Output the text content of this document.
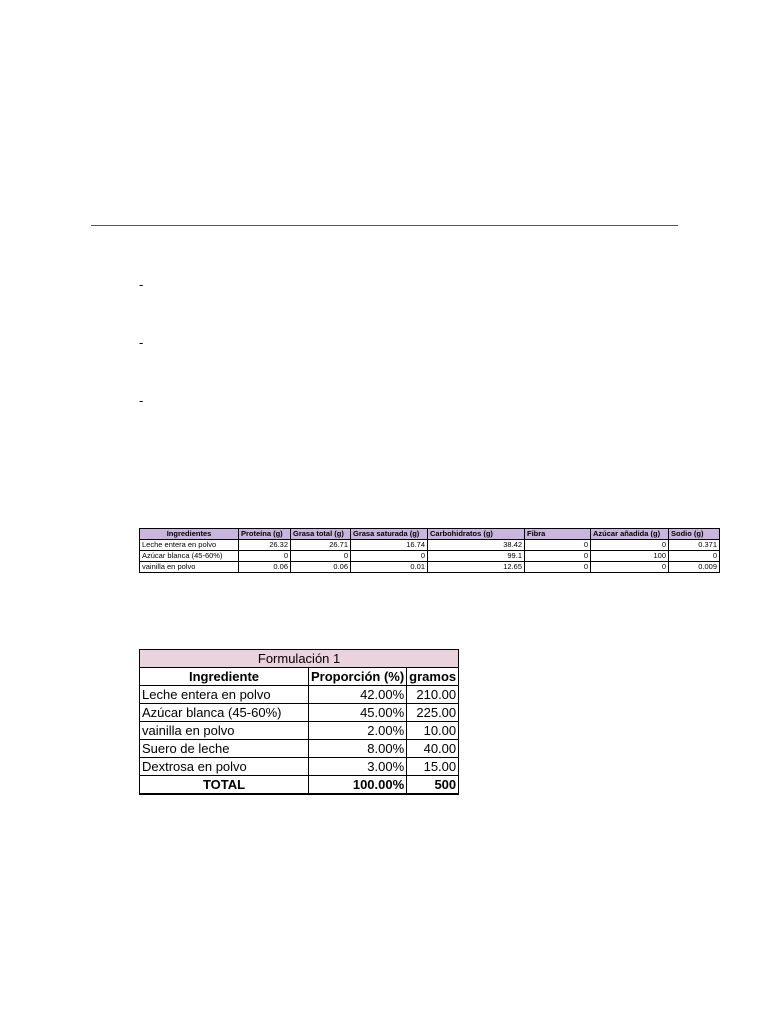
-
-
-
Ingredientes	Proteína (g)	Grasa total (g)	Grasa saturada (g)	Carbohidratos (g)	Fibra	Azúcar añadida (g)	Sodio (g)
Leche entera en polvo	26.32	26.71	16.74	38.42	0	0	0.371
Azúcar blanca (45-60%)	0	0	0	99.1	0	100	0
vainilla en polvo	0.06	0.06	0.01	12.65	0	0	0.009
Formulación 1		
Ingrediente	Proporción (%)	gramos
Leche entera en polvo	42.00%	210.00
Azúcar blanca (45-60%)	45.00%	225.00
vainilla en polvo	2.00%	10.00
Suero de leche	8.00%	40.00
Dextrosa en polvo	3.00%	15.00
TOTAL	100.00%	500
